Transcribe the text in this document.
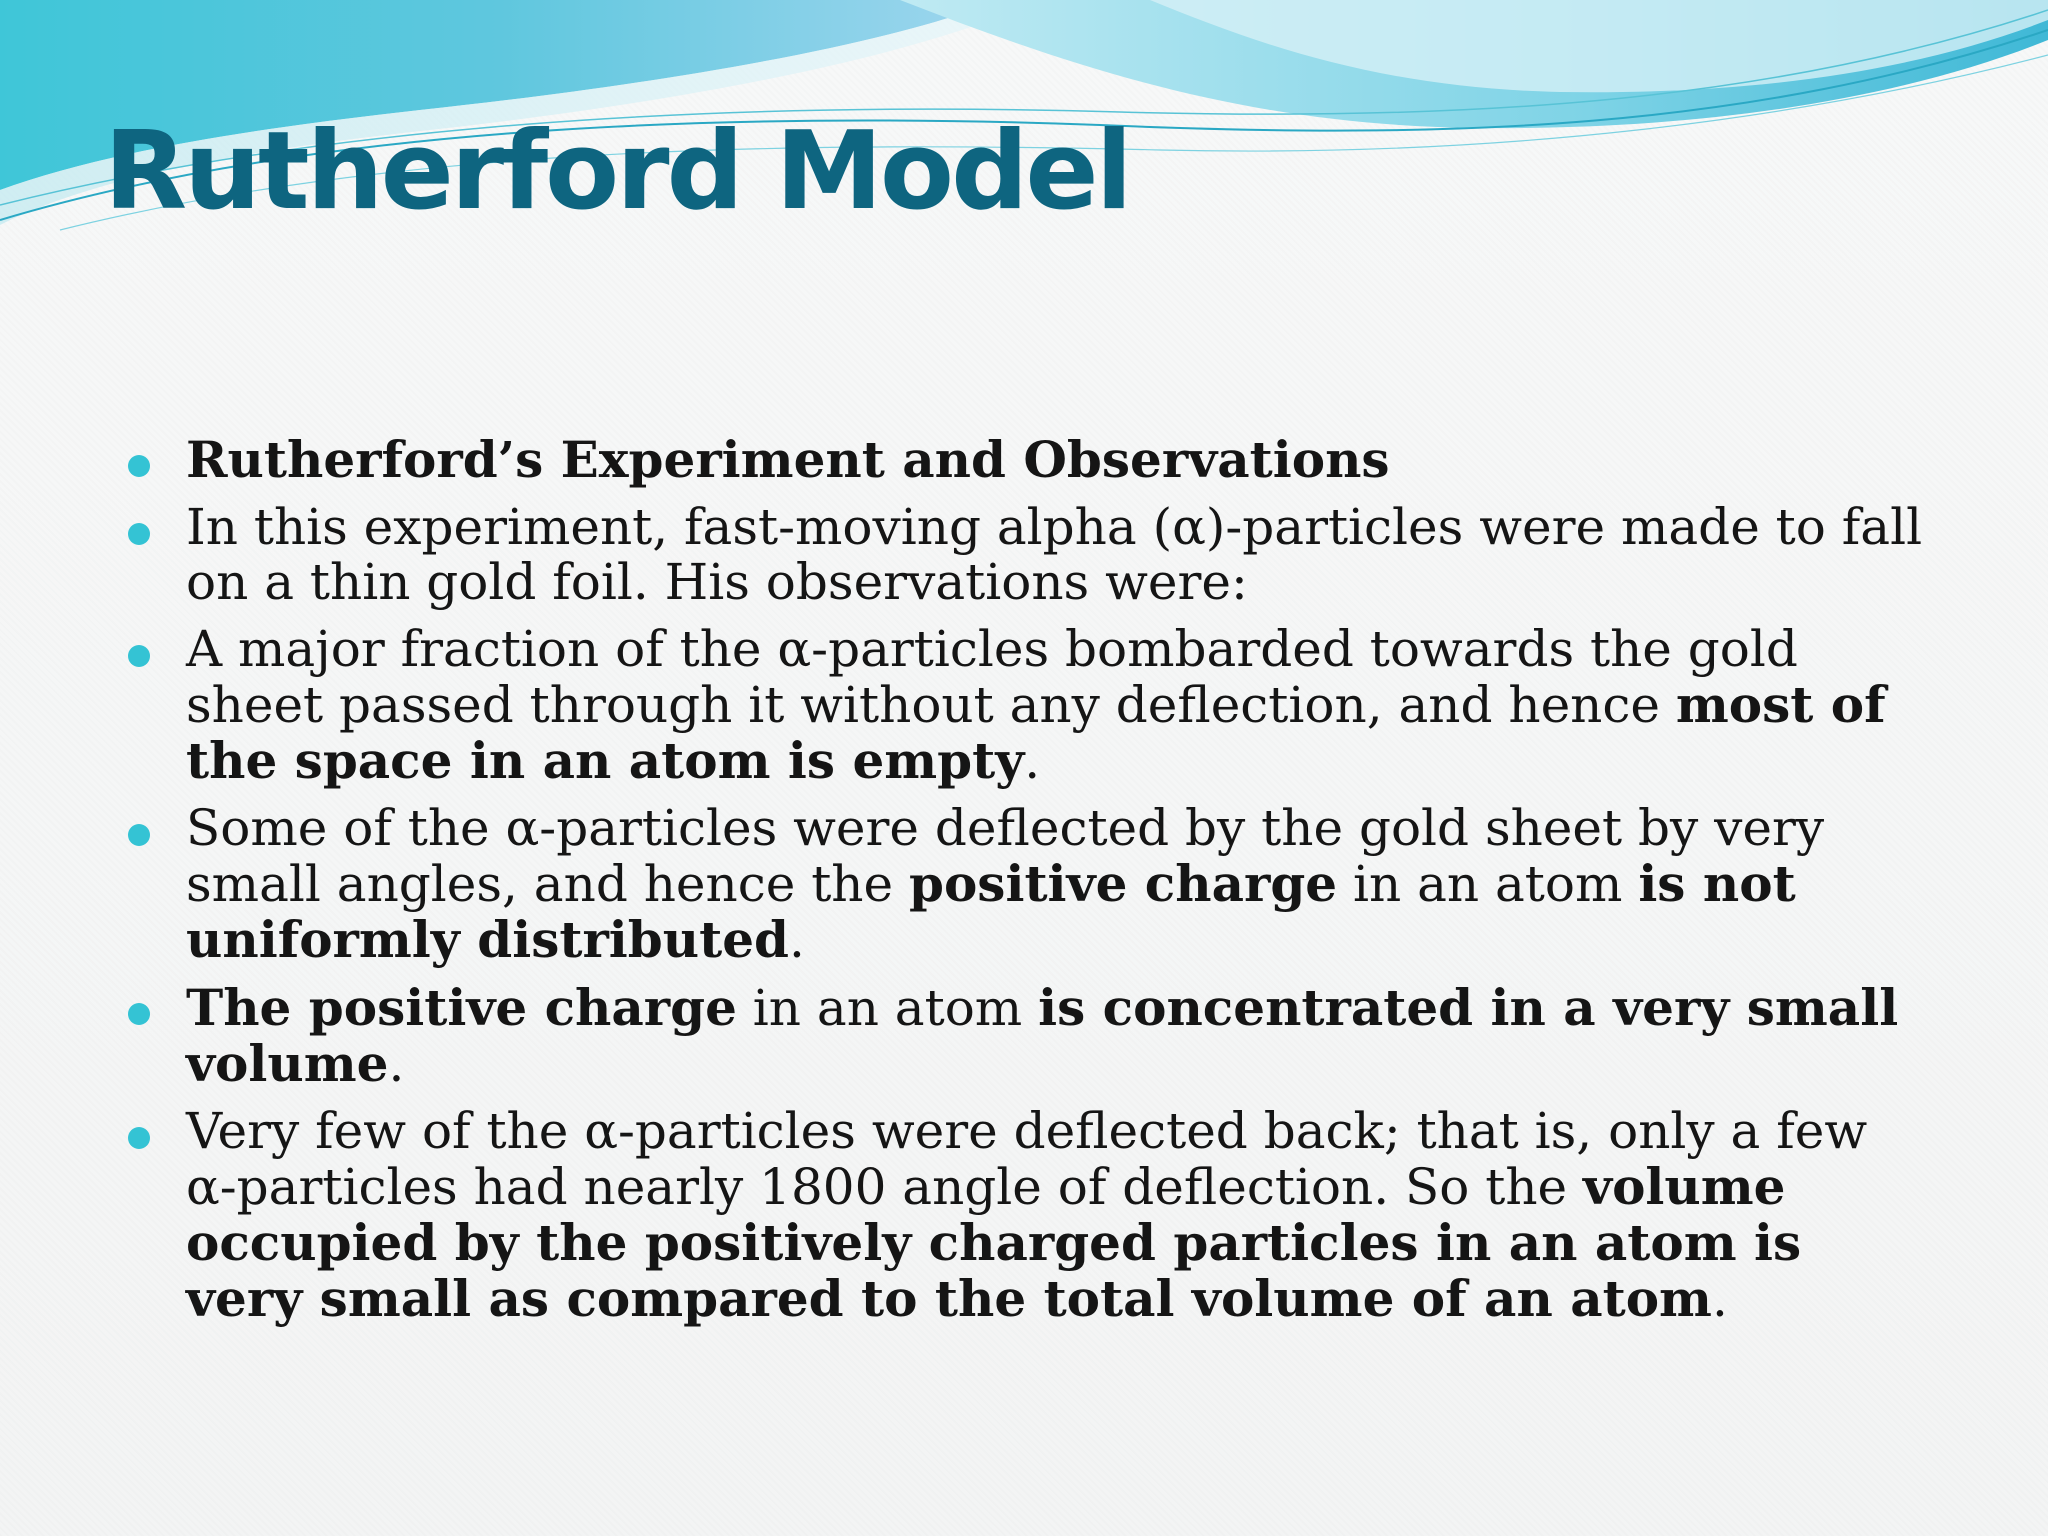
Rutherford Model
Rutherford’s Experiment and Observations
In this experiment, fast-moving alpha (α)-particles were made to fall on a thin gold foil. His observations were:
A major fraction of the α-particles bombarded towards the gold sheet passed through it without any deflection, and hence most of the space in an atom is empty.
Some of the α-particles were deflected by the gold sheet by very small angles, and hence the positive charge in an atom is not uniformly distributed.
The positive charge in an atom is concentrated in a very small volume.
Very few of the α-particles were deflected back; that is, only a few α-particles had nearly 1800 angle of deflection. So the volume occupied by the positively charged particles in an atom is very small as compared to the total volume of an atom.
